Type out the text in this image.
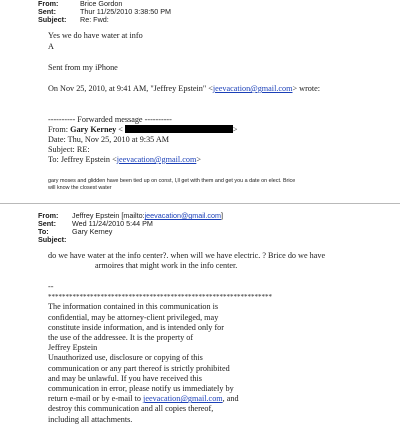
From:	Brice Gordon
Sent:	Thur 11/25/2010 3:38:50 PM
Subject: Re: Fwd:
Yes we do have water at info
A
Sent from my iPhone
On Nov 25, 2010, at 9:41 AM, "Jeffrey Epstein" <jeevacation@gmail.com> wrote:
---------- Forwarded message ----------
From: Gary Kerney <	>
Date: Thu, Nov 25, 2010 at 9:35 AM
Subject: RE:
To: Jeffrey Epstein <jeevacation@gmail.com>
gary moses and glidden have been tied up on const, I,ll get with them and get you a date on elect. Brice
will know the closest water
From: Jeffrey Epstein [mailto:jeevacation@gmail.com]
Sent: Wed 11/24/2010 5:44 PM
To:	Gary Kerney
Subject:
do we have water at the info center?. when will we have electric. ? Brice do we have
armoires that might work in the info center.
--
****************************************************************
The information contained in this communication is
confidential, may be attorney-client privileged, may
constitute inside information, and is intended only for
the use of the addressee. It is the property of
Jeffrey Epstein
Unauthorized use, disclosure or copying of this
communication or any part thereof is strictly prohibited
and may be unlawful. If you have received this
communication in error, please notify us immediately by
return e-mail or by e-mail to jeevacation@gmail.com, and
destroy this communication and all copies thereof,
including all attachments.
